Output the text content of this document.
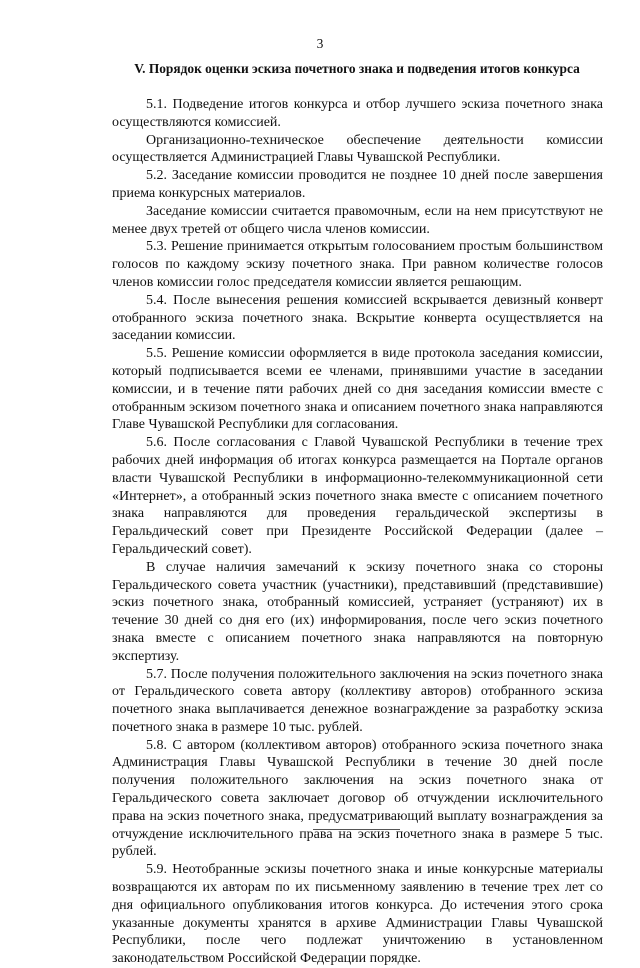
3
V. Порядок оценки эскиза почетного знака и подведения итогов конкурса

5.1. Подведение итогов конкурса и отбор лучшего эскиза почетного знака осуществляются комиссией.

Организационно-техническое обеспечение деятельности комиссии осуществляется Администрацией Главы Чувашской Республики.

5.2. Заседание комиссии проводится не позднее 10 дней после завершения приема конкурсных материалов.

Заседание комиссии считается правомочным, если на нем присутствуют не менее двух третей от общего числа членов комиссии.

5.3. Решение принимается открытым голосованием простым большинством голосов по каждому эскизу почетного знака. При равном количестве голосов членов комиссии голос председателя комиссии является решающим.

5.4. После вынесения решения комиссией вскрывается девизный конверт отобранного эскиза почетного знака. Вскрытие конверта осуществляется на заседании комиссии.

5.5. Решение комиссии оформляется в виде протокола заседания комиссии, который подписывается всеми ее членами, принявшими участие в заседании комиссии, и в течение пяти рабочих дней со дня заседания комиссии вместе с отобранным эскизом почетного знака и описанием почетного знака направляются Главе Чувашской Республики для согласования.

5.6. После согласования с Главой Чувашской Республики в течение трех рабочих дней информация об итогах конкурса размещается на Портале органов власти Чувашской Республики в информационно-телекоммуникационной сети «Интернет», а отобранный эскиз почетного знака вместе с описанием почетного знака направляются для проведения геральдической экспертизы в Геральдический совет при Президенте Российской Федерации (далее – Геральдический совет).

В случае наличия замечаний к эскизу почетного знака со стороны Геральдического совета участник (участники), представивший (представившие) эскиз почетного знака, отобранный комиссией, устраняет (устраняют) их в течение 30 дней со дня его (их) информирования, после чего эскиз почетного знака вместе с описанием почетного знака направляются на повторную экспертизу.

5.7. После получения положительного заключения на эскиз почетного знака от Геральдического совета автору (коллективу авторов) отобранного эскиза почетного знака выплачивается денежное вознаграждение за разработку эскиза почетного знака в размере 10 тыс. рублей.

5.8. С автором (коллективом авторов) отобранного эскиза почетного знака Администрация Главы Чувашской Республики в течение 30 дней после получения положительного заключения на эскиз почетного знака от Геральдического совета заключает договор об отчуждении исключительного права на эскиз почетного знака, предусматривающий выплату вознаграждения за отчуждение исключительного права на эскиз почетного знака в размере 5 тыс. рублей.

5.9. Неотобранные эскизы почетного знака и иные конкурсные материалы возвращаются их авторам по их письменному заявлению в течение трех лет со дня официального опубликования итогов конкурса. До истечения этого срока указанные документы хранятся в архиве Администрации Главы Чувашской Республики, после чего подлежат уничтожению в установленном законодательством Российской Федерации порядке.
